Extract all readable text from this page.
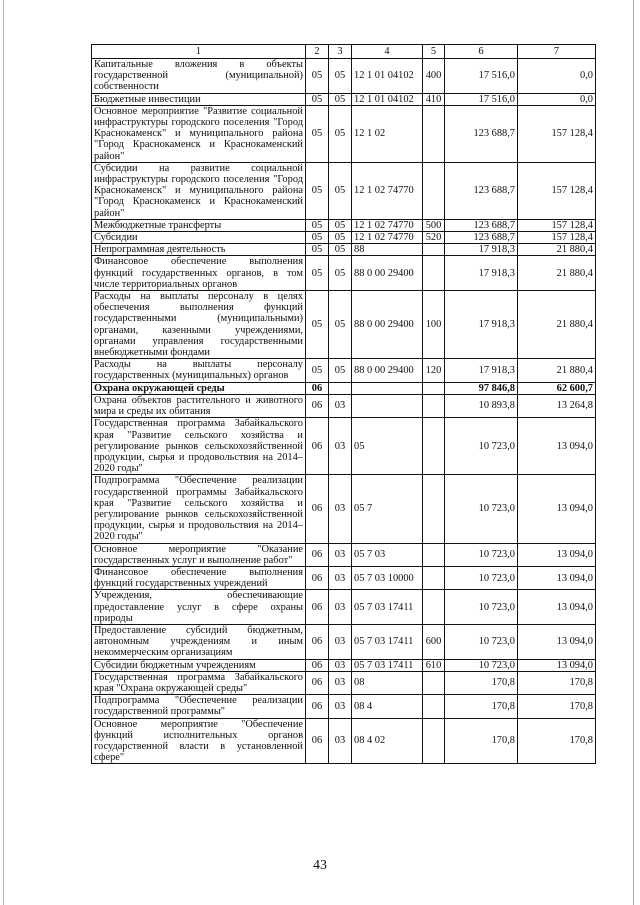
1	2	3	4	5	6	7
Капитальные вложения в объекты государственной (муниципальной) собственности	05	05	12 1 01 04102	400	17 516,0	0,0
Бюджетные инвестиции	05	05	12 1 01 04102	410	17 516,0	0,0
Основное мероприятие "Развитие социальной инфраструктуры городского поселения "Город Краснокаменск" и муниципального района "Город Краснокаменск и Краснокаменский район"	05	05	12 1 02		123 688,7	157 128,4
Субсидии на развитие социальной инфраструктуры городского поселения "Город Краснокаменск" и муниципального района "Город Краснокаменск и Краснокаменский район"	05	05	12 1 02 74770		123 688,7	157 128,4
Межбюджетные трансферты	05	05	12 1 02 74770	500	123 688,7	157 128,4
Субсидии	05	05	12 1 02 74770	520	123 688,7	157 128,4
Непрограммная деятельность	05	05	88		17 918,3	21 880,4
Финансовое обеспечение выполнения функций государственных органов, в том числе территориальных органов	05	05	88 0 00 29400		17 918,3	21 880,4
Расходы на выплаты персоналу в целях обеспечения выполнения функций государственными (муниципальными) органами, казенными учреждениями, органами управления государственными внебюджетными фондами	05	05	88 0 00 29400	100	17 918,3	21 880,4
Расходы на выплаты персоналу государственных (муниципальных) органов	05	05	88 0 00 29400	120	17 918,3	21 880,4
Охрана окружающей среды	06				97 846,8	62 600,7
Охрана объектов растительного и животного мира и среды их обитания	06	03			10 893,8	13 264,8
Государственная программа Забайкальского края "Развитие сельского хозяйства и регулирование рынков сельскохозяйственной продукции, сырья и продовольствия на 2014–2020 годы"	06	03	05		10 723,0	13 094,0
Подпрограмма "Обеспечение реализации государственной программы Забайкальского края "Развитие сельского хозяйства и регулирование рынков сельскохозяйственной продукции, сырья и продовольствия на 2014–2020 годы"	06	03	05 7		10 723,0	13 094,0
Основное мероприятие "Оказание государственных услуг и выполнение работ"	06	03	05 7 03		10 723,0	13 094,0
Финансовое обеспечение выполнения функций государственных учреждений	06	03	05 7 03 10000		10 723,0	13 094,0
Учреждения, обеспечивающие предоставление услуг в сфере охраны природы	06	03	05 7 03 17411		10 723,0	13 094,0
Предоставление субсидий бюджетным, автономным учреждениям и иным некоммерческим организациям	06	03	05 7 03 17411	600	10 723,0	13 094,0
Субсидии бюджетным учреждениям	06	03	05 7 03 17411	610	10 723,0	13 094,0
Государственная программа Забайкальского края "Охрана окружающей среды"	06	03	08		170,8	170,8
Подпрограмма "Обеспечение реализации государственной программы"	06	03	08 4		170,8	170,8
Основное мероприятие "Обеспечение функций исполнительных органов государственной власти в установленной сфере"	06	03	08 4 02		170,8	170,8
43
